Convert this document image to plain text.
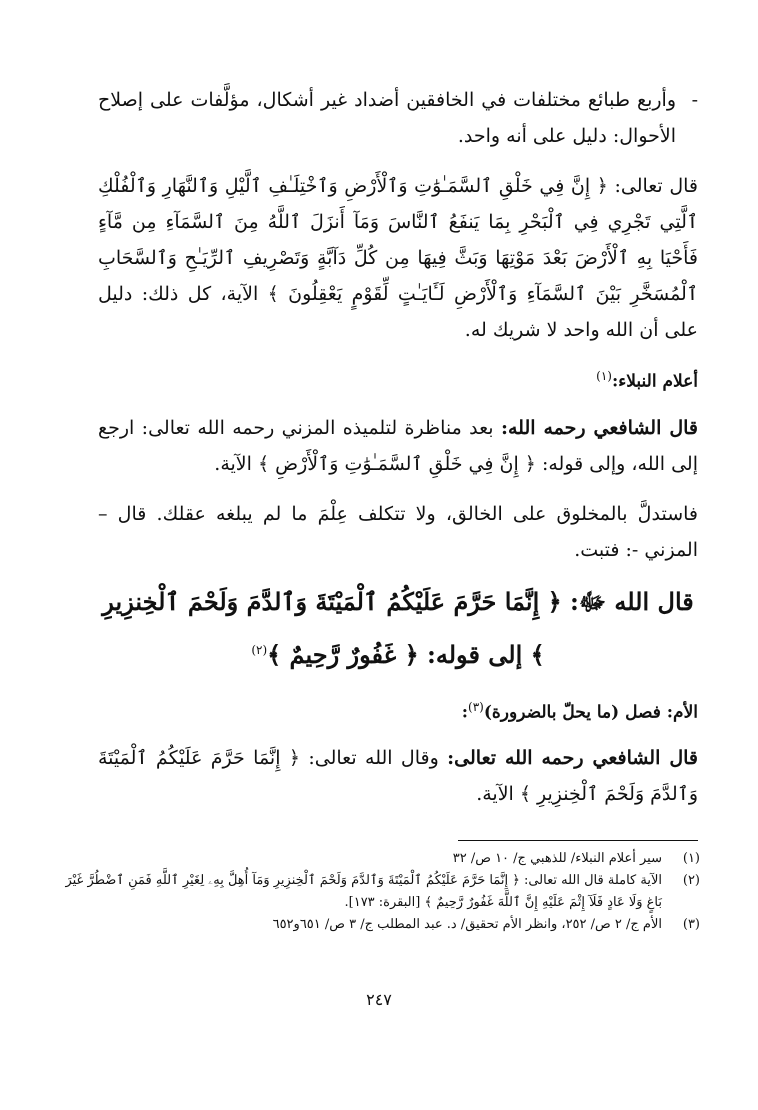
-
وأربع طبائع مختلفات في الخافقين أضداد غير أشكال، مؤلَّفات على إصلاح الأحوال: دليل على أنه واحد.

قال تعالى: ﴿ إِنَّ فِي خَلْقِ ٱلسَّمَـٰوَٰتِ وَٱلْأَرْضِ وَٱخْتِلَـٰفِ ٱلَّيْلِ وَٱلنَّهَارِ وَٱلْفُلْكِ ٱلَّتِي تَجْرِي فِي ٱلْبَحْرِ بِمَا يَنفَعُ ٱلنَّاسَ وَمَآ أَنزَلَ ٱللَّهُ مِنَ ٱلسَّمَآءِ مِن مَّآءٍ فَأَحْيَا بِهِ ٱلْأَرْضَ بَعْدَ مَوْتِهَا وَبَثَّ فِيهَا مِن كُلِّ دَآبَّةٍ وَتَصْرِيفِ ٱلرِّيَـٰحِ وَٱلسَّحَابِ ٱلْمُسَخَّرِ بَيْنَ ٱلسَّمَآءِ وَٱلْأَرْضِ لَـَٔايَـٰتٍ لِّقَوْمٍ يَعْقِلُونَ ﴾ الآية، كل ذلك: دليل على أن الله واحد لا شريك له.

أعلام النبلاء:$^{(١)}$

قال الشافعي رحمه الله: بعد مناظرة لتلميذه المزني رحمه الله تعالى: ارجع إلى الله، وإلى قوله: ﴿ إِنَّ فِي خَلْقِ ٱلسَّمَـٰوَٰتِ وَٱلْأَرْضِ ﴾ الآية.

فاستدلَّ بالمخلوق على الخالق، ولا تتكلف عِلْمَ ما لم يبلغه عقلك. قال – المزني -: فتبت.

قال الله ﷻ: ﴿ إِنَّمَا حَرَّمَ عَلَيْكُمُ ٱلْمَيْتَةَ وَٱلدَّمَ وَلَحْمَ ٱلْخِنزِيرِ ﴾ إلى قوله: ﴿ غَفُورٌ رَّحِيمٌ ﴾$^{(٢)}$

الأم: فصل (ما يحلّ بالضرورة)$^{(٣)}$:

قال الشافعي رحمه الله تعالى: وقال الله تعالى: ﴿ إِنَّمَا حَرَّمَ عَلَيْكُمُ ٱلْمَيْتَةَ وَٱلدَّمَ وَلَحْمَ ٱلْخِنزِيرِ ﴾ الآية.

(١)
سير أعلام النبلاء/ للذهبي ج/ ١٠ ص/ ٣٢
(٢)
الآية كاملة قال الله تعالى: ﴿ إِنَّمَا حَرَّمَ عَلَيْكُمُ ٱلْمَيْتَةَ وَٱلدَّمَ وَلَحْمَ ٱلْخِنزِيرِ وَمَآ أُهِلَّ بِهِۦ لِغَيْرِ ٱللَّهِ فَمَنِ ٱضْطُرَّ غَيْرَ بَاغٍ وَلَا عَادٍ فَلَآ إِثْمَ عَلَيْهِ إِنَّ ٱللَّهَ غَفُورٌ رَّحِيمٌ ﴾ [البقرة: ١٧٣].
(٣)
الأم ج/ ٢ ص/ ٢٥٢، وانظر الأم تحقيق/ د. عبد المطلب ج/ ٣ ص/ ٦٥١و٦٥٢
٢٤٧
